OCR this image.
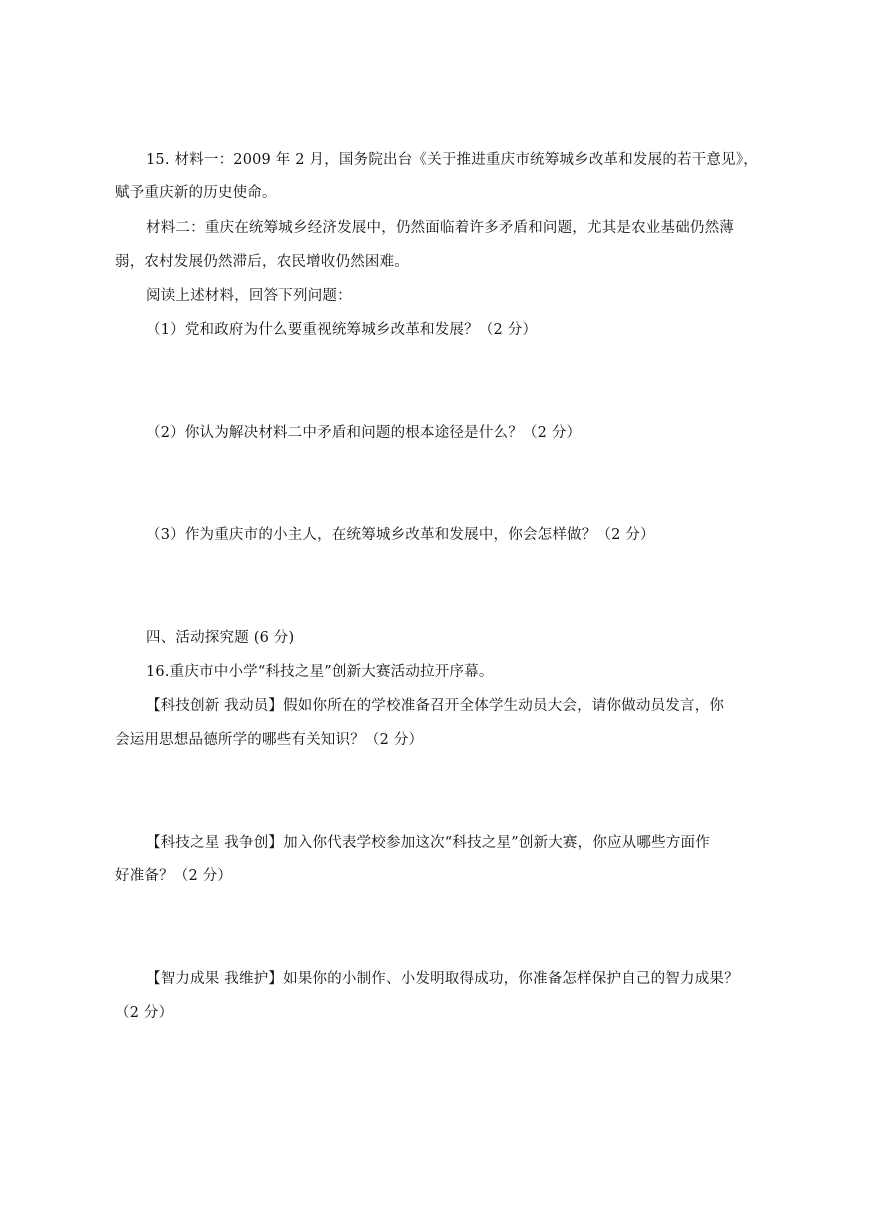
15. 材料一：2009 年 2 月，国务院出台《关于推进重庆市统筹城乡改革和发展的若干意见》，
赋予重庆新的历史使命。
材料二：重庆在统筹城乡经济发展中，仍然面临着许多矛盾和问题，尤其是农业基础仍然薄
弱，农村发展仍然滞后，农民增收仍然困难。
阅读上述材料，回答下列问题：
（1）党和政府为什么要重视统筹城乡改革和发展？（2 分）
（2）你认为解决材料二中矛盾和问题的根本途径是什么？（2 分）
（3）作为重庆市的小主人，在统筹城乡改革和发展中，你会怎样做？（2 分）
四、活动探究题 (6 分)
16.重庆市中小学“科技之星”创新大赛活动拉开序幕。
【科技创新 我动员】假如你所在的学校准备召开全体学生动员大会，请你做动员发言，你
会运用思想品德所学的哪些有关知识？（2 分）
【科技之星 我争创】加入你代表学校参加这次“科技之星”创新大赛，你应从哪些方面作
好准备？（2 分）
【智力成果 我维护】如果你的小制作、小发明取得成功，你准备怎样保护自己的智力成果？
（2 分）
